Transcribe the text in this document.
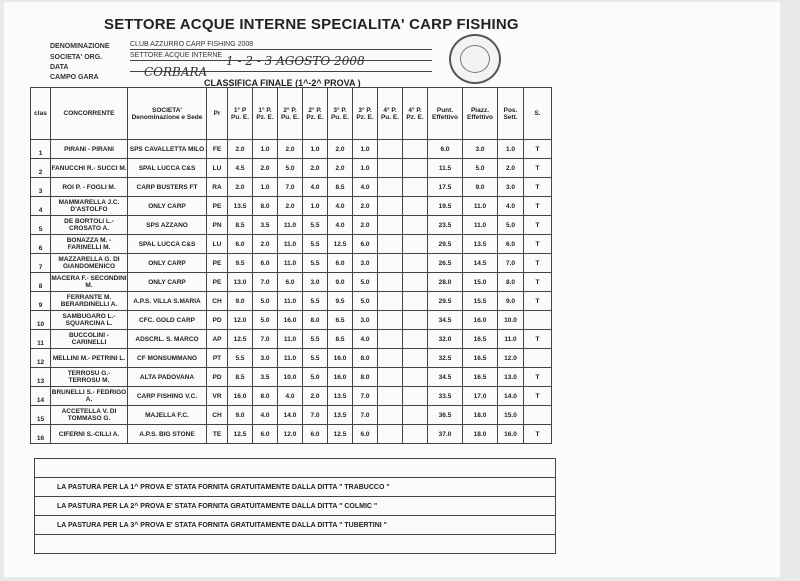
SETTORE ACQUE INTERNE SPECIALITA' CARP FISHING
DENOMINAZIONE	CLUB AZZURRO CARP FISHING 2008
SOCIETA' ORG.	SETTORE ACQUE INTERNE
DATA	1 - 2 - 3 AGOSTO 2008
CAMPO GARA	CORBARA
CLASSIFICA FINALE (1^-2^ PROVA )
clas	CONCORRENTE	SOCIETA' Denominazione e Sede	Pr	1° P Pu. E.	1° P. Pz. E.	2° P. Pu. E.	2° P. Pz. E.	3° P. Pu. E.	3° P. Pz. E.	4° P. Pu. E.	4° P. Pz. E.	Punt. Effettivo	Piazz. Effettivo	Pos. Sett.	S.
1	PIRANI - PIRANI	SPS CAVALLETTA MILO	FE	2.0	1.0	2.0	1.0	2.0	1.0			6.0	3.0	1.0	T
2	FANUCCHI R.- SUCCI M.	SPAL LUCCA C&S	LU	4.5	2.0	5.0	2.0	2.0	1.0			11.5	5.0	2.0	T
3	ROI P. - FOGLI M.	CARP BUSTERS FT	RA	2.0	1.0	7.0	4.0	8.5	4.0			17.5	9.0	3.0	T
4	MAMMARELLA J.C. D'ASTOLFO	ONLY CARP	PE	13.5	8.0	2.0	1.0	4.0	2.0			19.5	11.0	4.0	T
5	DE BORTOLI L.- CROSATO A.	SPS AZZANO	PN	8.5	3.5	11.0	5.5	4.0	2.0			23.5	11.0	5.0	T
6	BONAZZA M. - FARINELLI M.	SPAL LUCCA C&S	LU	6.0	2.0	11.0	5.5	12.5	6.0			29.5	13.5	6.0	T
7	MAZZARELLA G. DI GIANDOMENICO	ONLY CARP	PE	9.5	6.0	11.0	5.5	6.0	3.0			26.5	14.5	7.0	T
8	MACERA F.- SECONDINI M.	ONLY CARP	PE	13.0	7.0	6.0	3.0	9.0	5.0			28.0	15.0	8.0	T
9	FERRANTE M. BERARDINELLI A.	A.P.S. VILLA S.MARIA	CH	9.0	5.0	11.0	5.5	9.5	5.0			29.5	15.5	9.0	T
10	SAMBUGARO L.- SQUARCINA L.	CFC. GOLD CARP	PD	12.0	5.0	16.0	8.0	6.5	3.0			34.5	16.0	10.0	
11	BUCCOLINI - CARINELLI	ADSCRL. S. MARCO	AP	12.5	7.0	11.0	5.5	8.5	4.0			32.0	16.5	11.0	T
12	MELLINI M.- PETRINI L.	CF MONSUMMANO	PT	5.5	3.0	11.0	5.5	16.0	8.0			32.5	16.5	12.0	
13	TERROSU G.- TERROSU M.	ALTA PADOVANA	PD	8.5	3.5	10.0	5.0	16.0	8.0			34.5	16.5	13.0	T
14	BRUNELLI S.- FEDRIGO A.	CARP FISHING V.C.	VR	16.0	8.0	4.0	2.0	13.5	7.0			33.5	17.0	14.0	T
15	ACCETELLA V. DI TOMMASO G.	MAJELLA F.C.	CH	9.0	4.0	14.0	7.0	13.5	7.0			36.5	18.0	15.0	
16	CIFERNI S.-CILLI A.	A.P.S. BIG STONE	TE	12.5	6.0	12.0	6.0	12.5	6.0			37.0	18.0	16.0	T

LA PASTURA PER LA 1^ PROVA E' STATA FORNITA GRATUITAMENTE DALLA DITTA " TRABUCCO "
LA PASTURA PER LA 2^ PROVA E' STATA FORNITA GRATUITAMENTE DALLA DITTA " COLMIC "
LA PASTURA PER LA 3^ PROVA E' STATA FORNITA GRATUITAMENTE DALLA DITTA " TUBERTINI "
